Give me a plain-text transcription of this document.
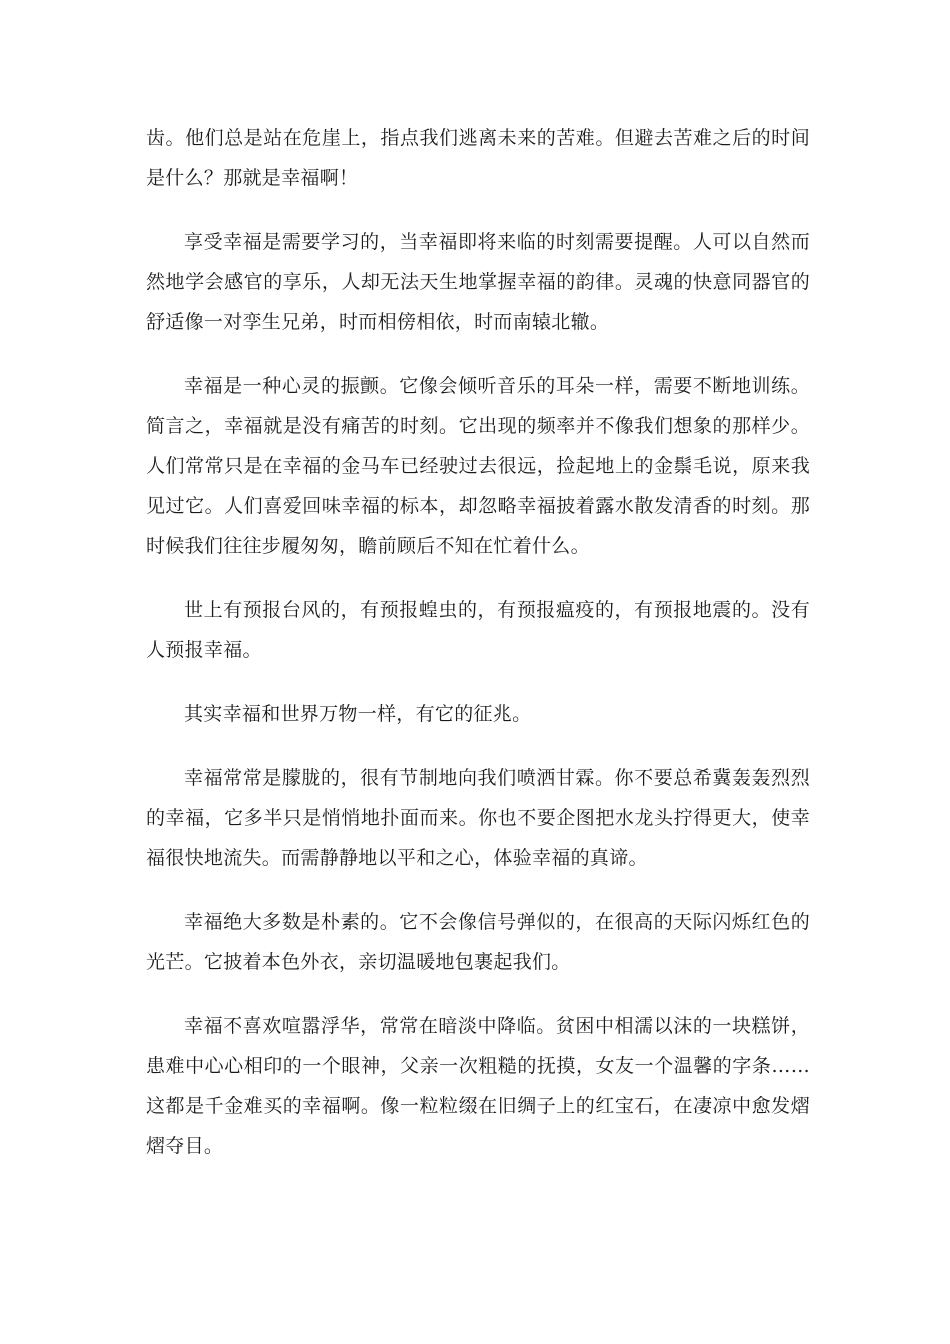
齿。他们总是站在危崖上，指点我们逃离未来的苦难。但避去苦难之后的时间是什么？那就是幸福啊！

享受幸福是需要学习的，当幸福即将来临的时刻需要提醒。人可以自然而然地学会感官的享乐，人却无法天生地掌握幸福的韵律。灵魂的快意同器官的舒适像一对孪生兄弟，时而相傍相依，时而南辕北辙。

幸福是一种心灵的振颤。它像会倾听音乐的耳朵一样，需要不断地训练。简言之，幸福就是没有痛苦的时刻。它出现的频率并不像我们想象的那样少。人们常常只是在幸福的金马车已经驶过去很远，捡起地上的金鬃毛说，原来我见过它。人们喜爱回味幸福的标本，却忽略幸福披着露水散发清香的时刻。那时候我们往往步履匆匆，瞻前顾后不知在忙着什么。

世上有预报台风的，有预报蝗虫的，有预报瘟疫的，有预报地震的。没有人预报幸福。

其实幸福和世界万物一样，有它的征兆。

幸福常常是朦胧的，很有节制地向我们喷洒甘霖。你不要总希冀轰轰烈烈的幸福，它多半只是悄悄地扑面而来。你也不要企图把水龙头拧得更大，使幸福很快地流失。而需静静地以平和之心，体验幸福的真谛。

幸福绝大多数是朴素的。它不会像信号弹似的，在很高的天际闪烁红色的光芒。它披着本色外衣，亲切温暖地包裹起我们。

幸福不喜欢喧嚣浮华，常常在暗淡中降临。贫困中相濡以沫的一块糕饼，患难中心心相印的一个眼神，父亲一次粗糙的抚摸，女友一个温馨的字条……这都是千金难买的幸福啊。像一粒粒缀在旧绸子上的红宝石，在凄凉中愈发熠熠夺目。
